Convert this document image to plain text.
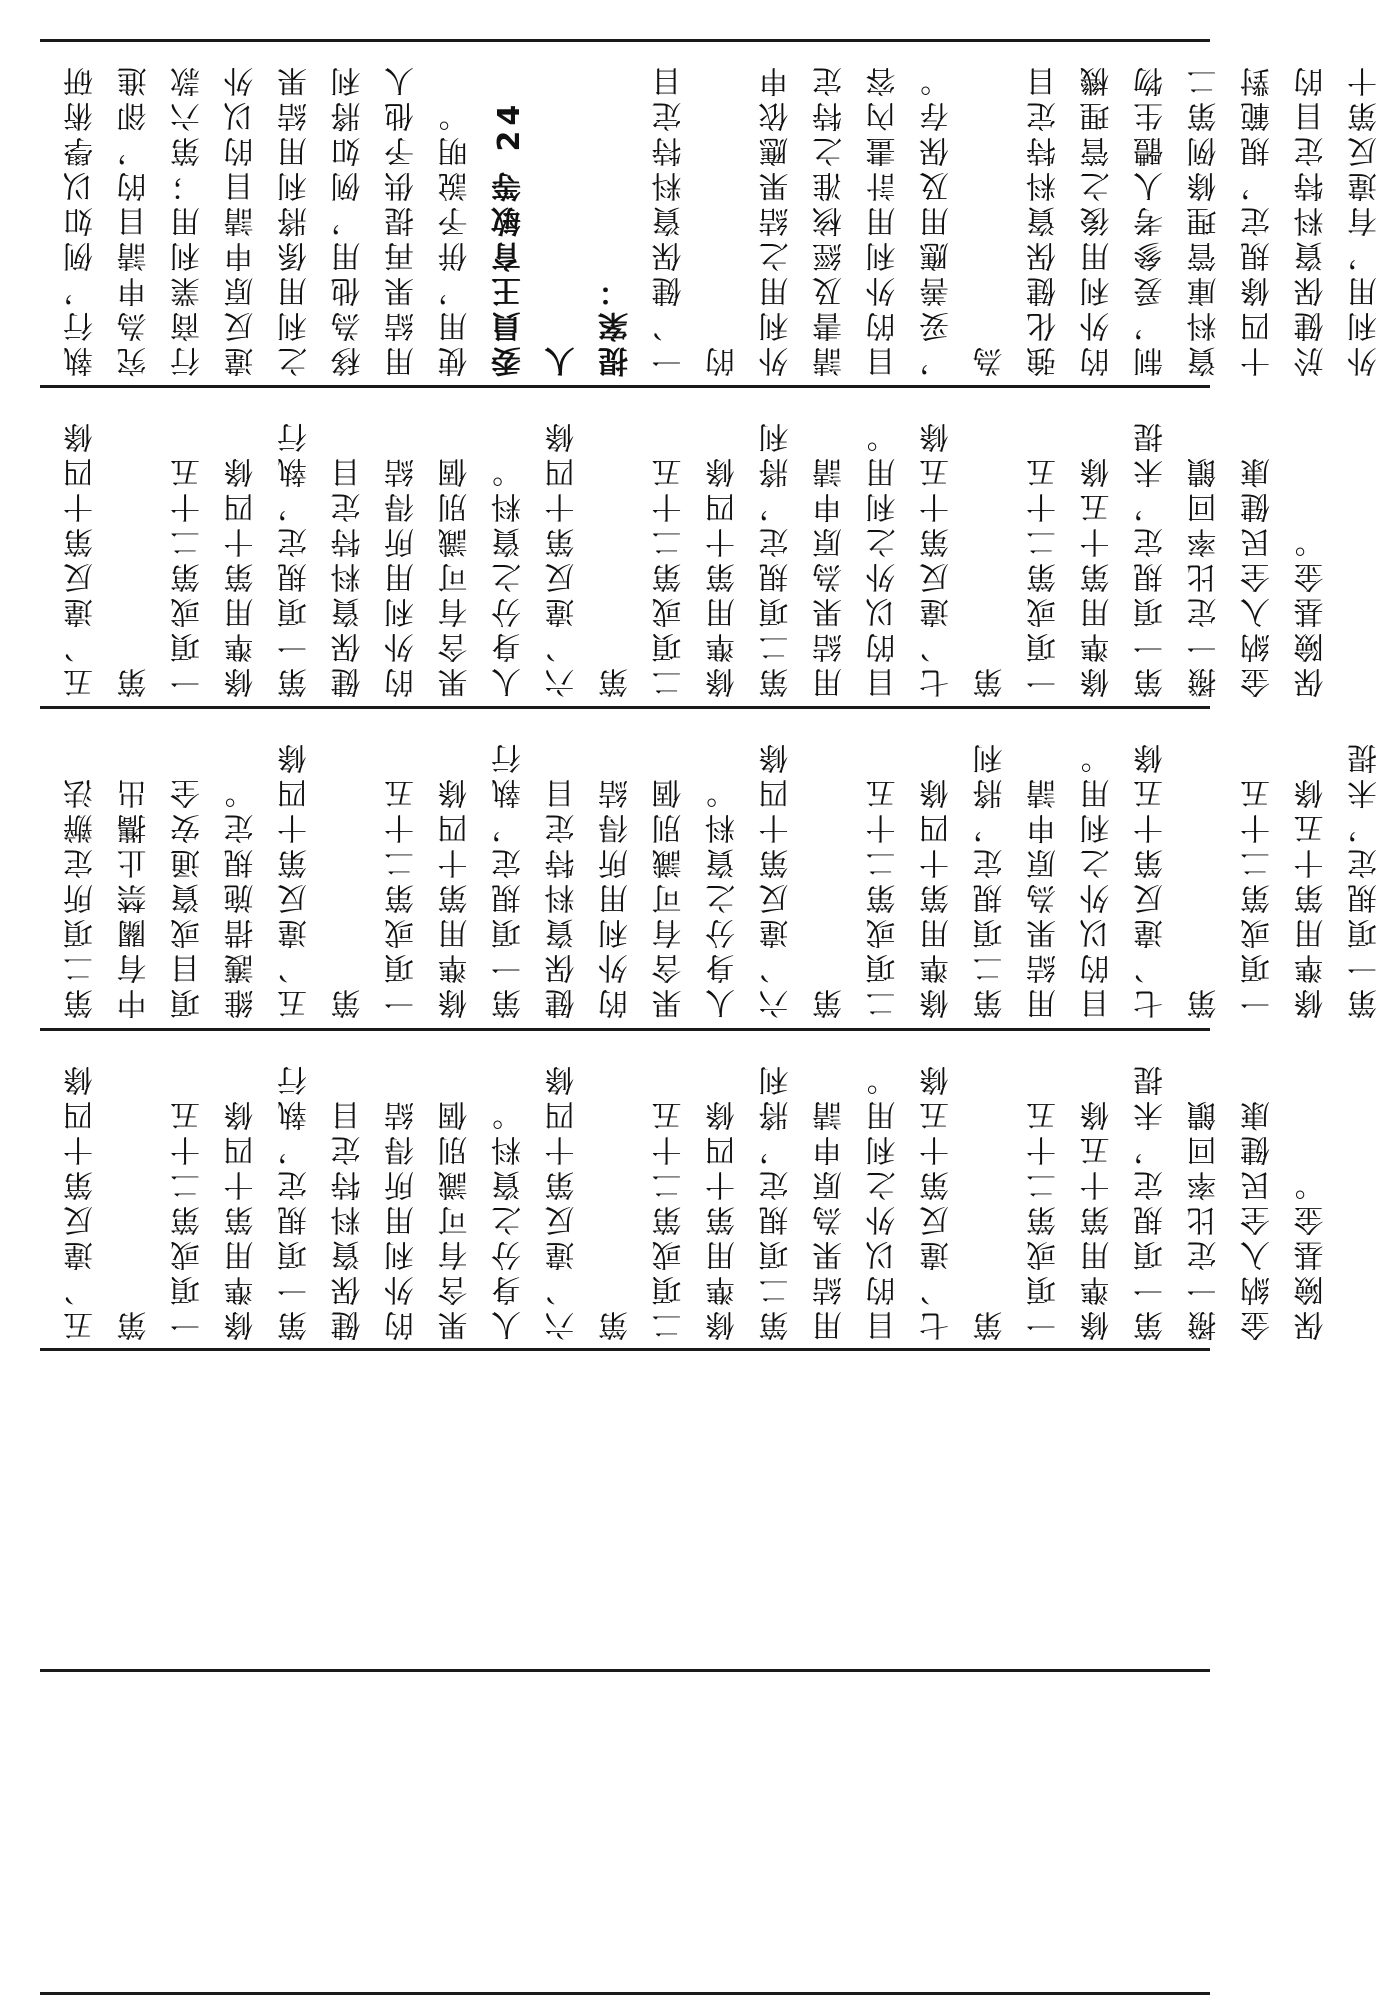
執行，例如以學術研 究為申請目的，卻進 行商業利用；第六款 違反原申請目的以外 之利用係將利用結果 移為他用，例如將利 用結果再提供予他人 使用，併予說明。 委員王育敏等 24 人 提案： 一、健保資料特定目的 外利用之結果應依申 請書及經核准之特定 目的外利用計畫內容 ，妥善應用及保存。為 強化健保資料特定目 的外利用後之管理機 制，爰參考人體生物 資料庫管理條例第二 十四條規定，規範對 於健保資料特定目的 外利用，有違反第十

五、違反第十四條第 一項或第二十五 條準用第十四條 第一項規定，執行 健保資料特定目 的外利用所得結 果含有可識別個 人身分之資料。 六、違反第十四條第 二項或第二十五 條準用第十四條 第二項規定，將利 用結果為原申請 目的以外之利用。 七、違反第十五條第 一項或第二十五 條準用第十五條 第一項規定，未提 撥一定比率回饋 金納入全民健康 保險基金。

第二項所定辦法 中有關禁止攜出 項目或資通安全 維護措施規定。 五、違反第十四條第 一項或第二十五 條準用第十四條 第一項規定，執行 健保資料特定目 的外利用所得結 果含有可識別個 人身分之資料。 六、違反第十四條第 二項或第二十五 條準用第十四條 第二項規定，將利 用結果為原申請 目的以外之利用。 七、違反第十五條第 一項或第二十五 條準用第十五條 第一項規定，未提

五、違反第十四條第 一項或第二十五 條準用第十四條 第一項規定，執行 健保資料特定目 的外利用所得結 果含有可識別個 人身分之資料。 六、違反第十四條第 二項或第二十五 條準用第十四條 第二項規定，將利 用結果為原申請 目的以外之利用。 七、違反第十五條第 一項或第二十五 條準用第十五條 第一項規定，未提 撥一定比率回饋 金納入全民健康 保險基金。
